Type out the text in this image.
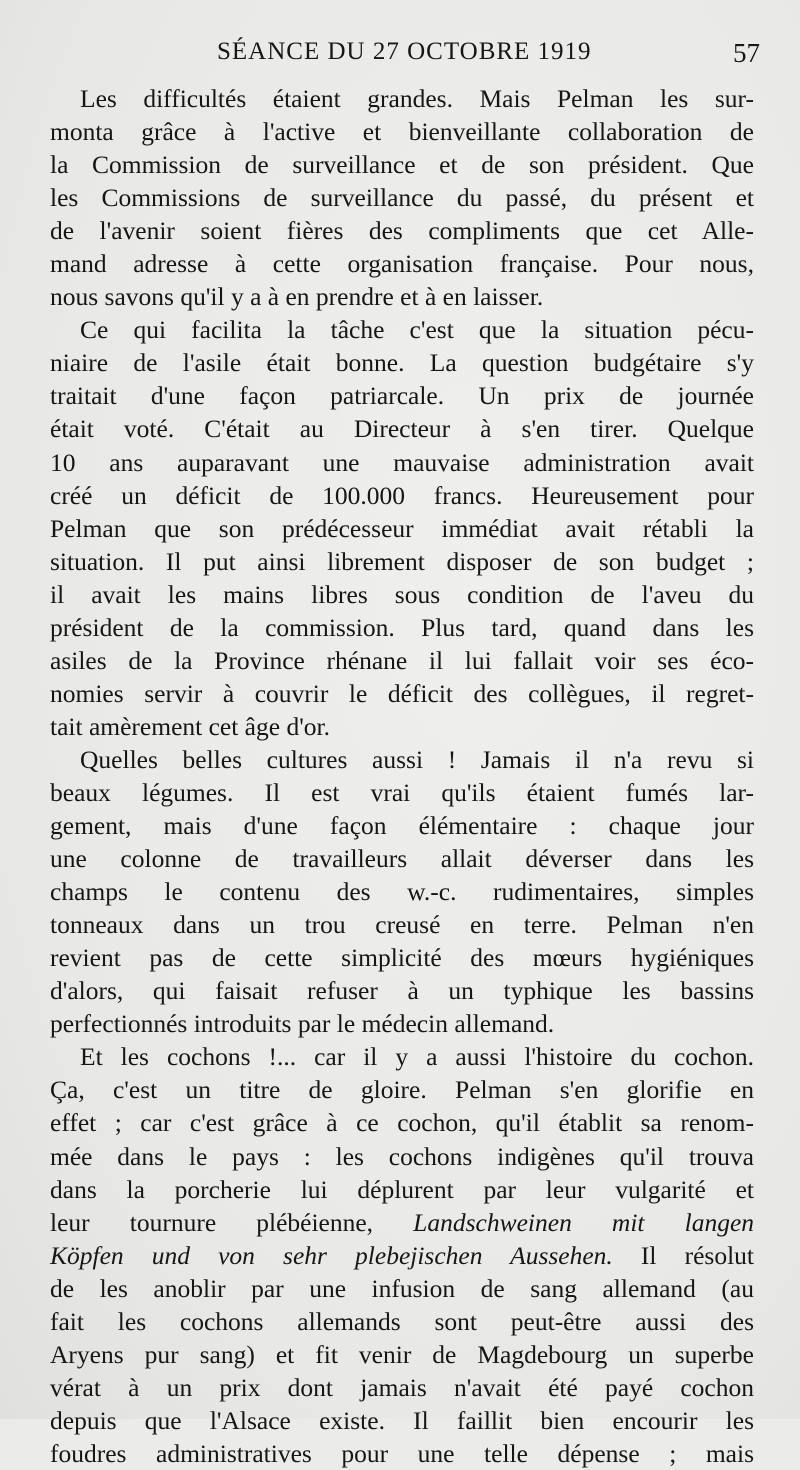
SÉANCE DU 27 OCTOBRE 1919	57
Les difficultés étaient grandes. Mais Pelman les sur-
monta grâce à l'active et bienveillante collaboration de
la Commission de surveillance et de son président. Que
les Commissions de surveillance du passé, du présent et
de l'avenir soient fières des compliments que cet Alle-
mand adresse à cette organisation française. Pour nous,
nous savons qu'il y a à en prendre et à en laisser.
Ce qui facilita la tâche c'est que la situation pécu-
niaire de l'asile était bonne. La question budgétaire s'y
traitait d'une façon patriarcale. Un prix de journée
était voté. C'était au Directeur à s'en tirer. Quelque
10 ans auparavant une mauvaise administration avait
créé un déficit de 100.000 francs. Heureusement pour
Pelman que son prédécesseur immédiat avait rétabli la
situation. Il put ainsi librement disposer de son budget ;
il avait les mains libres sous condition de l'aveu du
président de la commission. Plus tard, quand dans les
asiles de la Province rhénane il lui fallait voir ses éco-
nomies servir à couvrir le déficit des collègues, il regret-
tait amèrement cet âge d'or.
Quelles belles cultures aussi ! Jamais il n'a revu si
beaux légumes. Il est vrai qu'ils étaient fumés lar-
gement, mais d'une façon élémentaire : chaque jour
une colonne de travailleurs allait déverser dans les
champs le contenu des w.-c. rudimentaires, simples
tonneaux dans un trou creusé en terre. Pelman n'en
revient pas de cette simplicité des mœurs hygiéniques
d'alors, qui faisait refuser à un typhique les bassins
perfectionnés introduits par le médecin allemand.
Et les cochons !... car il y a aussi l'histoire du cochon.
Ça, c'est un titre de gloire. Pelman s'en glorifie en
effet ; car c'est grâce à ce cochon, qu'il établit sa renom-
mée dans le pays : les cochons indigènes qu'il trouva
dans la porcherie lui déplurent par leur vulgarité et
leur tournure plébéienne, Landschweinen mit langen
Köpfen und von sehr plebejischen Aussehen. Il résolut
de les anoblir par une infusion de sang allemand (au
fait les cochons allemands sont peut-être aussi des
Aryens pur sang) et fit venir de Magdebourg un superbe
vérat à un prix dont jamais n'avait été payé cochon
depuis que l'Alsace existe. Il faillit bien encourir les
foudres administratives pour une telle dépense ; mais
